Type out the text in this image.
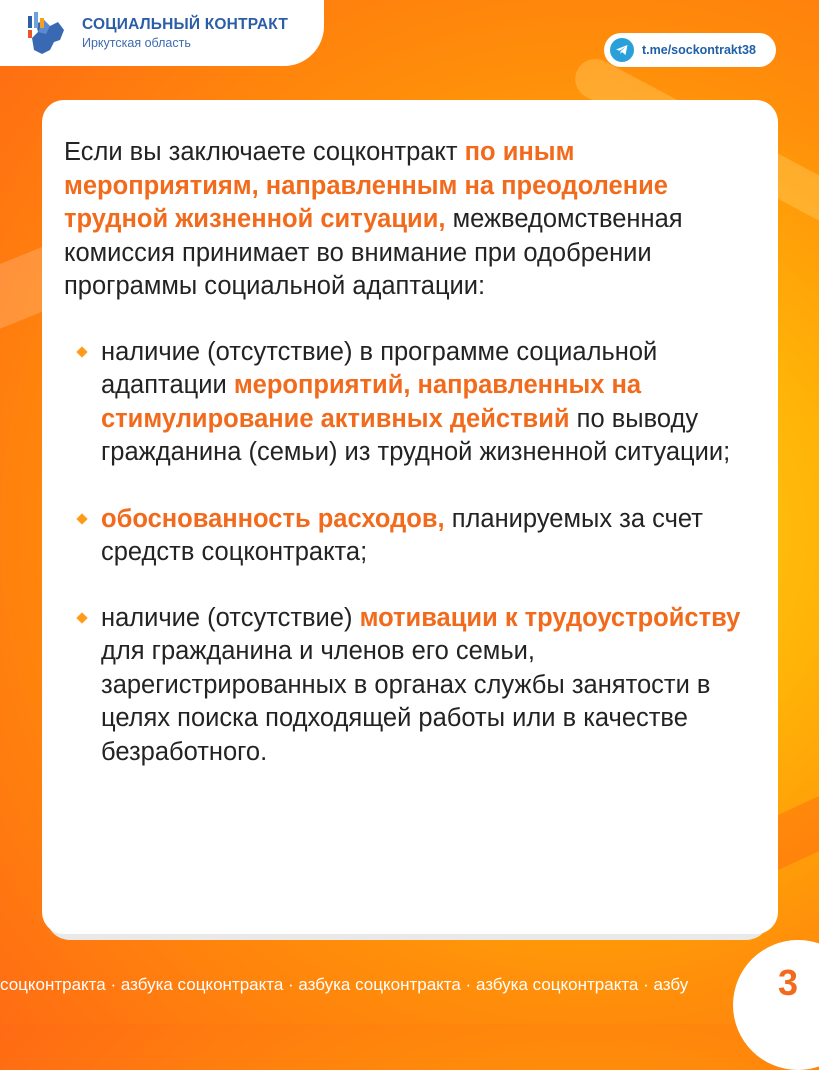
СОЦИАЛЬНЫЙ КОНТРАКТ
Иркутская область	t.me/sockontrakt38

Если вы заключаете соцконтракт по иным мероприятиям, направленным на преодоление трудной жизненной ситуации, межведомственная комиссия принимает во внимание при одобрении программы социальной адаптации:

наличие (отсутствие) в программе социальной адаптации мероприятий, направленных на стимулирование активных действий по выводу гражданина (семьи) из трудной жизненной ситуации;

обоснованность расходов, планируемых за счет средств соцконтракта;

наличие (отсутствие) мотивации к трудоустройству для гражданина и членов его семьи, зарегистрированных в органах службы занятости в целях поиска подходящей работы или в качестве безработного.

соцконтракта · азбука соцконтракта · азбука соцконтракта · азбука соцконтракта · азбу	3
